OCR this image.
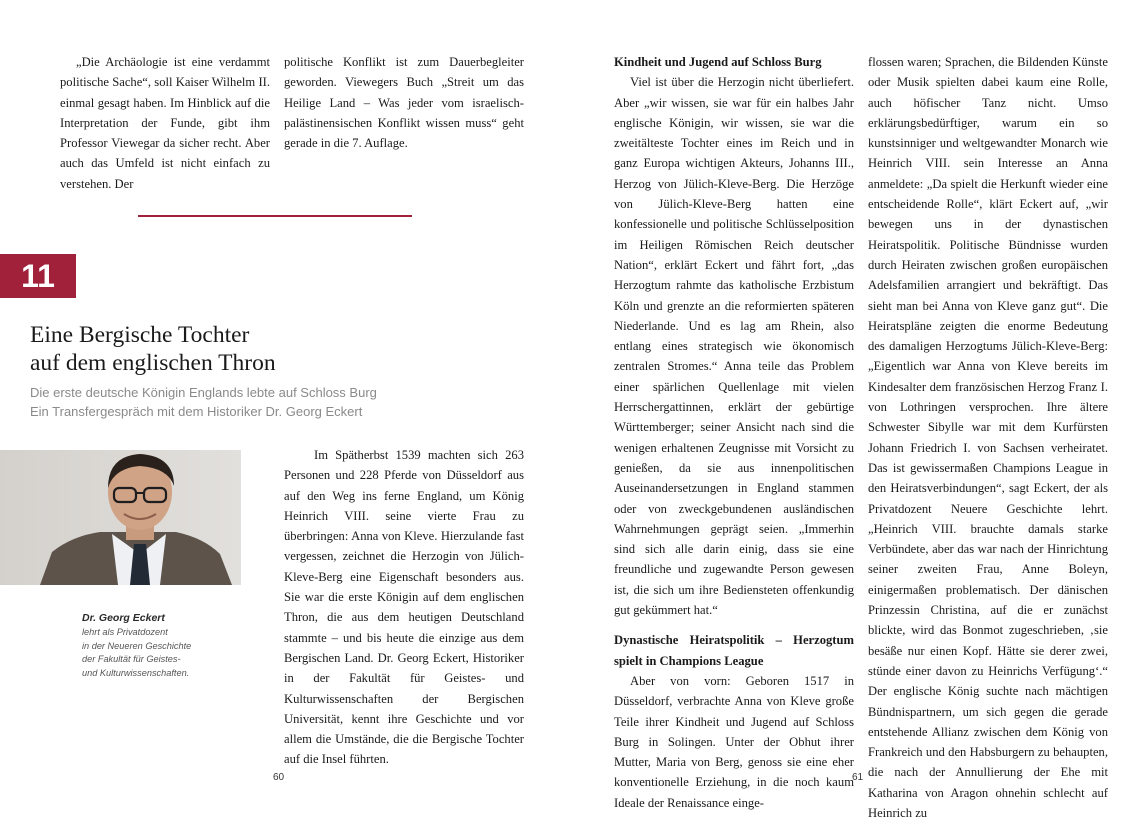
„Die Archäologie ist eine verdammt politische Sache“, soll Kaiser Wilhelm II. einmal gesagt haben. Im Hinblick auf die Interpretation der Funde, gibt ihm Professor Viewegar da sicher recht. Aber auch das Umfeld ist nicht einfach zu verstehen. Der

politische Konflikt ist zum Dauerbegleiter geworden. Viewegers Buch „Streit um das Heilige Land – Was jeder vom israelisch-palästinensischen Konflikt wissen muss“ geht gerade in die 7. Auflage.

11
Eine Bergische Tochter
auf dem englischen Thron
Die erste deutsche Königin Englands lebte auf Schloss Burg
Ein Transfergespräch mit dem Historiker Dr. Georg Eckert
Dr. Georg Eckert
lehrt als Privatdozent
in der Neueren Geschichte
der Fakultät für Geistes-
und Kulturwissenschaften.

Im Spätherbst 1539 machten sich 263 Personen und 228 Pferde von Düsseldorf aus auf den Weg ins ferne England, um König Heinrich VIII. seine vierte Frau zu überbringen: Anna von Kleve. Hierzulande fast vergessen, zeichnet die Herzogin von Jülich-Kleve-Berg eine Eigenschaft besonders aus. Sie war die erste Königin auf dem englischen Thron, die aus dem heutigen Deutschland stammte – und bis heute die einzige aus dem Bergischen Land. Dr. Georg Eckert, Historiker in der Fakultät für Geistes- und Kulturwissenschaften der Bergischen Universität, kennt ihre Geschichte und vor allem die Umstände, die die Bergische Tochter auf die Insel führten.

60

Kindheit und Jugend auf Schloss Burg

Viel ist über die Herzogin nicht überliefert. Aber „wir wissen, sie war für ein halbes Jahr englische Königin, wir wissen, sie war die zweitälteste Tochter eines im Reich und in ganz Europa wichtigen Akteurs, Johanns III., Herzog von Jülich-Kleve-Berg. Die Herzöge von Jülich-Kleve-Berg hatten eine konfessionelle und politische Schlüsselposition im Heiligen Römischen Reich deutscher Nation“, erklärt Eckert und fährt fort, „das Herzogtum rahmte das katholische Erzbistum Köln und grenzte an die reformierten späteren Niederlande. Und es lag am Rhein, also entlang eines strategisch wie ökonomisch zentralen Stromes.“ Anna teile das Problem einer spärlichen Quellenlage mit vielen Herrschergattinnen, erklärt der gebürtige Württemberger; seiner Ansicht nach sind die wenigen erhaltenen Zeugnisse mit Vorsicht zu genießen, da sie aus innenpolitischen Auseinandersetzungen in England stammen oder von zweckgebundenen ausländischen Wahrnehmungen geprägt seien. „Immerhin sind sich alle darin einig, dass sie eine freundliche und zugewandte Person gewesen ist, die sich um ihre Bediensteten offenkundig gut gekümmert hat.“

Dynastische Heiratspolitik – Herzogtum spielt in Champions League

Aber von vorn: Geboren 1517 in Düsseldorf, verbrachte Anna von Kleve große Teile ihrer Kindheit und Jugend auf Schloss Burg in Solingen. Unter der Obhut ihrer Mutter, Maria von Berg, genoss sie eine eher konventionelle Erziehung, in die noch kaum Ideale der Renaissance einge-

flossen waren; Sprachen, die Bildenden Künste oder Musik spielten dabei kaum eine Rolle, auch höfischer Tanz nicht. Umso erklärungsbedürftiger, warum ein so kunstsinniger und weltgewandter Monarch wie Heinrich VIII. sein Interesse an Anna anmeldete: „Da spielt die Herkunft wieder eine entscheidende Rolle“, klärt Eckert auf, „wir bewegen uns in der dynastischen Heiratspolitik. Politische Bündnisse wurden durch Heiraten zwischen großen europäischen Adelsfamilien arrangiert und bekräftigt. Das sieht man bei Anna von Kleve ganz gut“. Die Heiratspläne zeigten die enorme Bedeutung des damaligen Herzogtums Jülich-Kleve-Berg: „Eigentlich war Anna von Kleve bereits im Kindesalter dem französischen Herzog Franz I. von Lothringen versprochen. Ihre ältere Schwester Sibylle war mit dem Kurfürsten Johann Friedrich I. von Sachsen verheiratet. Das ist gewissermaßen Champions League in den Heiratsverbindungen“, sagt Eckert, der als Privatdozent Neuere Geschichte lehrt. „Heinrich VIII. brauchte damals starke Verbündete, aber das war nach der Hinrichtung seiner zweiten Frau, Anne Boleyn, einigermaßen problematisch. Der dänischen Prinzessin Christina, auf die er zunächst blickte, wird das Bonmot zugeschrieben, ‚sie besäße nur einen Kopf. Hätte sie derer zwei, stünde einer davon zu Heinrichs Verfügung‘.“ Der englische König suchte nach mächtigen Bündnispartnern, um sich gegen die gerade entstehende Allianz zwischen dem König von Frankreich und den Habsburgern zu behaupten, die nach der Annullierung der Ehe mit Katharina von Aragon ohnehin schlecht auf Heinrich zu

61
